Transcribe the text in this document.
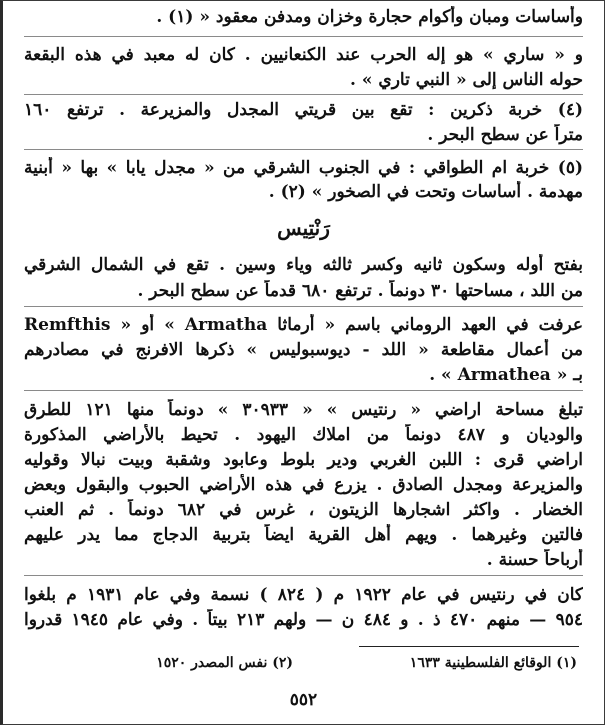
وأساسات ومبان وأكوام حجارة وخزان ومدفن معقود « (١) .
و « ساري » هو إله الحرب عند الكنعانيين . كان له معبد في هذه البقعة
حوله الناس إلى « النبي تاري » .
(٤) خربة ذكرين : تقع بين قريتي المجدل والمزيرعة . ترتفع ١٦٠
متراً عن سطح البحر .
(٥) خربة ام الطواقي : في الجنوب الشرقي من « مجدل يابا » بها « أبنية
مهدمة . أساسات وتحت في الصخور » (٢) .
رَنْتِيس
بفتح أوله وسكون ثانيه وكسر ثالثه وياء وسين . تقع في الشمال الشرقي
من اللد ، مساحتها ٣٠ دونماً . ترتفع ٦٨٠ قدماً عن سطح البحر .
عرفت في العهد الروماني باسم « أرماثا Armatha » أو « Remfthis
من أعمال مقاطعة « اللد - ديوسبوليس » ذكرها الافرنج في مصادرهم
بـ « Armathea » .
تبلغ مساحة اراضي « رنتيس » « ٣٠٩٣٣ » دونماً منها ١٢١ للطرق
والوديان و ٤٨٧ دونماً من املاك اليهود . تحيط بالأراضي المذكورة
اراضي قرى : اللبن الغربي ودير بلوط وعابود وشقبة وبيت نبالا وقوليه
والمزيرعة ومجدل الصادق . يزرع في هذه الأراضي الحبوب والبقول وبعض
الخضار . واكثر اشجارها الزيتون ، غرس في ٦٨٢ دونماً . ثم العنب
فالتين وغيرهما . ويهم أهل القرية ايضاً بتربية الدجاج مما يدر عليهم
أرباحاً حسنة .
كان في رنتيس في عام ١٩٢٢ م ( ٨٢٤ ) نسمة وفي عام ١٩٣١ م بلغوا
٩٥٤ — منهم ٤٧٠ ذ . و ٤٨٤ ن — ولهم ٢١٣ بيتاً . وفي عام ١٩٤٥ قدروا
(١) الوقائع الفلسطينية ١٦٣٣
(٢) نفس المصدر ١٥٢٠
٥٥٢
